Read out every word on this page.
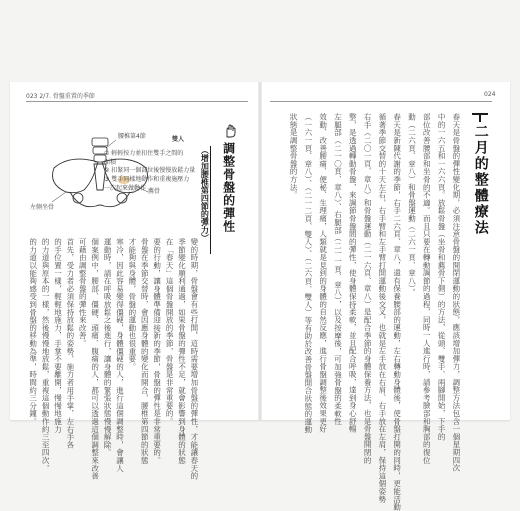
023 2/7. 骨盤重置的季節	024
二月的整體療法
春天是骨盤的彈性變化期，必須注意骨盤的開閉運動的狀態，應該增加彈力，調整方法包含一個星期四次
中的一六五和一六六頁。放鬆骨盤（坐骨和薦骨下側）的方法，從頭、雙手、兩腳開始，下手的
部位改善腰部和坐骨的不適。而且只要在轉動調節的過程，同時一人進行時，請參考臉部和胸部的復位
動（二六頁、章八）和骨盤運動（二六一頁、章八）。
春天是新陳代謝的季節，右手二六頁、章八，還有保養腰部的運動，左右轉動身體後，使骨盤打開的同時，更能活動
循著季節交替的十天左右，右手臂和左手臂打開運動後交叉，也就是左手放在右肩、右手放在左肩，保持這個姿勢
右手（二〇一頁、章八）和骨盤運動（二一六頁、章八）是配合季節的身體保養方法，也是骨盤開閉的
整，是透過轉動骨盤，來調節骨盤間的彈性，使身體保持柔軟，並且配合呼吸，達到身心舒暢
左腿部（二一〇頁、章八）、右腿部（二一一頁、章八），以及按摩後，可加強骨盤的柔軟性
效動、改善腰痛、便秘、生理痛，人類就是見到的身體的自然反應，進行骨盤調整後效果更好
（一六一頁、章八）、（二一二頁、雙人）、（二六頁、雙人）等有助於改善骨盤開合狀態的運動
狀態是調整骨盤的方法。
調整骨盤的彈性
（增加腰椎第四節的彈力）
變的時期，骨盤會有些打開，這時需要增加骨盤的彈性，才能讓春天的
季節變化順利通過，如果骨盤的彈性不足，就會影響到身體的狀態
在「春天」這個骨盤開放的季節，骨盤是非常重要的。
要的行動，讓身體準備迎接新的季節，骨盤的彈性是非常重要的。
骨盤在季節交替時，會因應身體的變化而開合，腰椎第四節的狀態
才能夠與身體，骨盤的運動也很重要。
寒冷，因此容易變得僵硬，身體僵硬的人，進行這個調整時，會讓人
運動時，請在呼吸放鬆之後進行，讓身體的緊張狀態慢慢解除。
個案例中，腰部、僵硬、頭痛、腹痛的人，都可以透過這個調整來改善
可藉由調整骨盤的彈性來改善。
首先，受力者必須保持放鬆的姿勢，施力者用手掌，左右手各
的手位置一樣，輕輕地施力，手掌不要離開，慢慢地施力
的力道與原本的一樣，然後慢慢地放鬆，重複這個動作約三至四次，
的力道以能夠感受到骨盤的移動為準，時間約三分鐘。
腰椎第4節
左側坐骨
薦骨
雙人
① 輕輕按力並扣住雙手之間的
面積
② 扣緊同一個部位後慢慢放鬆力量
③ 雙手同樣地動作和重複施壓力
一次起來做動作
